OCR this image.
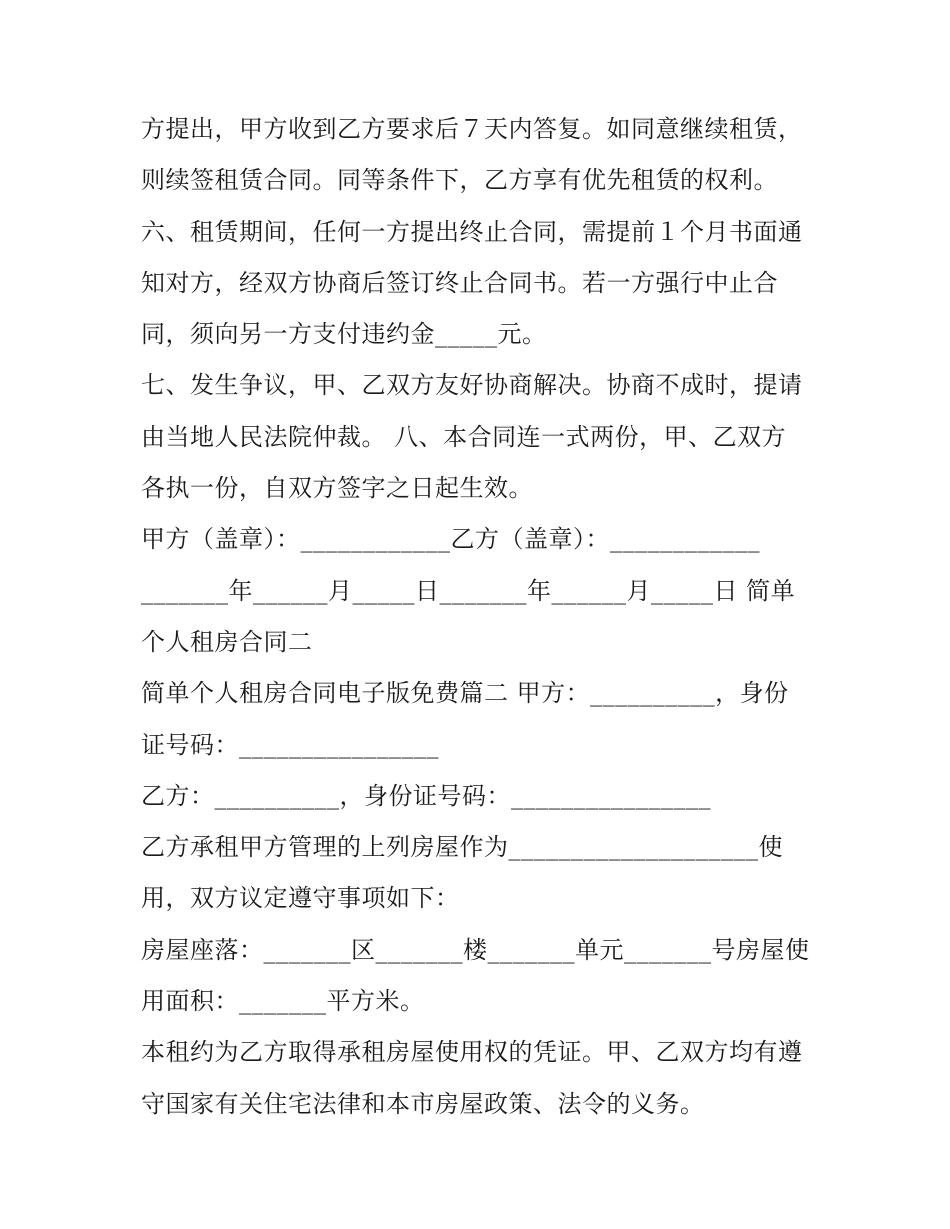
方提出，甲方收到乙方要求后７天内答复。如同意继续租赁，
则续签租赁合同。同等条件下，乙方享有优先租赁的权利。
六、租赁期间，任何一方提出终止合同，需提前１个月书面通
知对方，经双方协商后签订终止合同书。若一方强行中止合
同，须向另一方支付违约金_____元。
七、发生争议，甲、乙双方友好协商解决。协商不成时，提请
由当地人民法院仲裁。 八、本合同连一式两份，甲、乙双方
各执一份，自双方签字之日起生效。
甲方（盖章）：____________乙方（盖章）：____________
_______年______月_____日_______年______月_____日 简单
个人租房合同二
简单个人租房合同电子版免费篇二 甲方：__________，身份
证号码：________________
乙方：__________，身份证号码：________________
乙方承租甲方管理的上列房屋作为____________________使
用，双方议定遵守事项如下：
房屋座落：_______区_______楼_______单元_______号房屋使
用面积：_______平方米。
本租约为乙方取得承租房屋使用权的凭证。甲、乙双方均有遵
守国家有关住宅法律和本市房屋政策、法令的义务。
